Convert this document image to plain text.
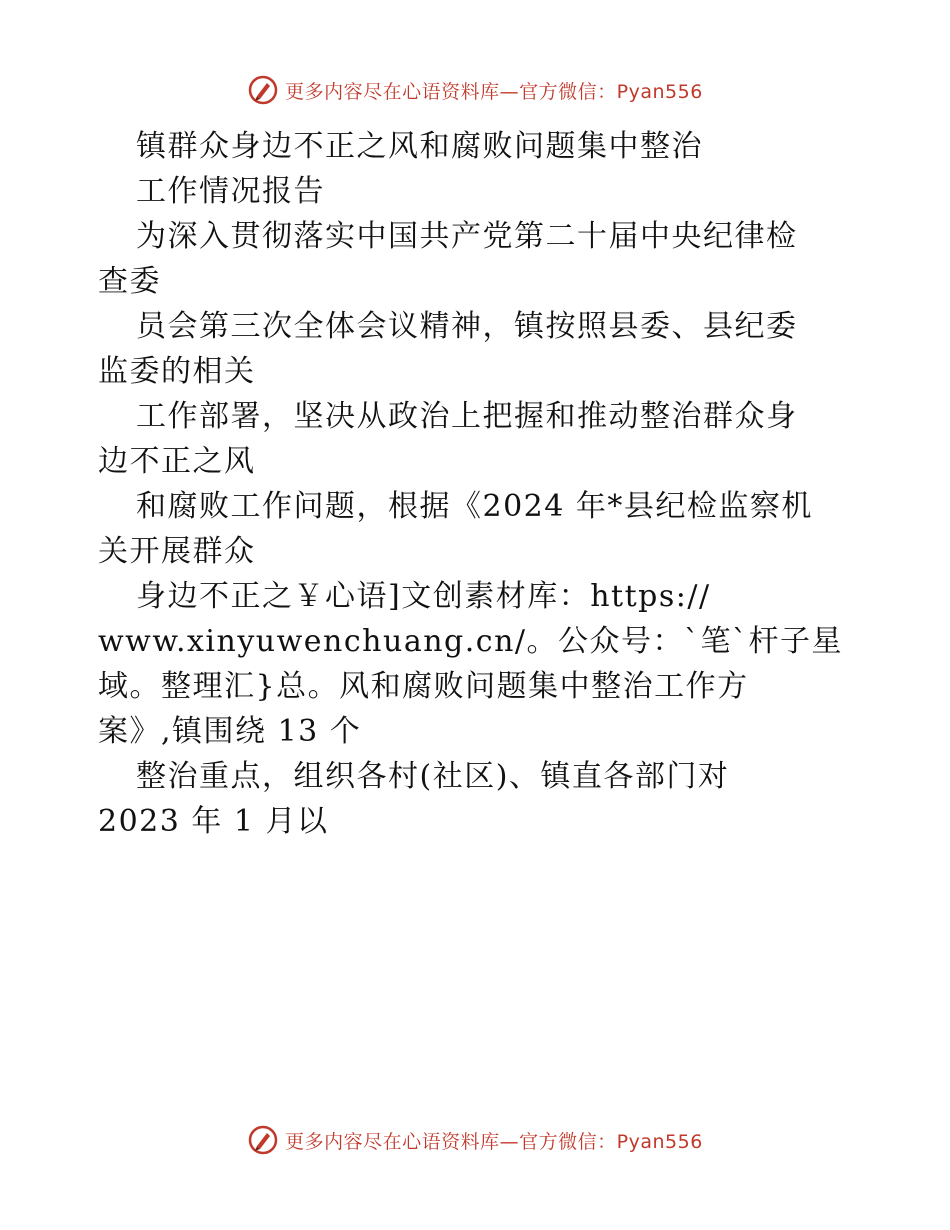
更多内容尽在心语资料库—官方微信：Pyan556
镇群众身边不正之风和腐败问题集中整治
工作情况报告
为深入贯彻落实中国共产党第二十届中央纪律检
查委
员会第三次全体会议精神，镇按照县委、县纪委
监委的相关
工作部署，坚决从政治上把握和推动整治群众身
边不正之风
和腐败工作问题，根据《2024 年*县纪检监察机
关开展群众
身边不正之￥心语]文创素材库：https://
www.xinyuwenchuang.cn/。公众号：`笔`杆子星
域。整理汇}总。风和腐败问题集中整治工作方
案》,镇围绕 13 个
整治重点，组织各村(社区)、镇直各部门对
2023 年 1 月以
更多内容尽在心语资料库—官方微信：Pyan556
